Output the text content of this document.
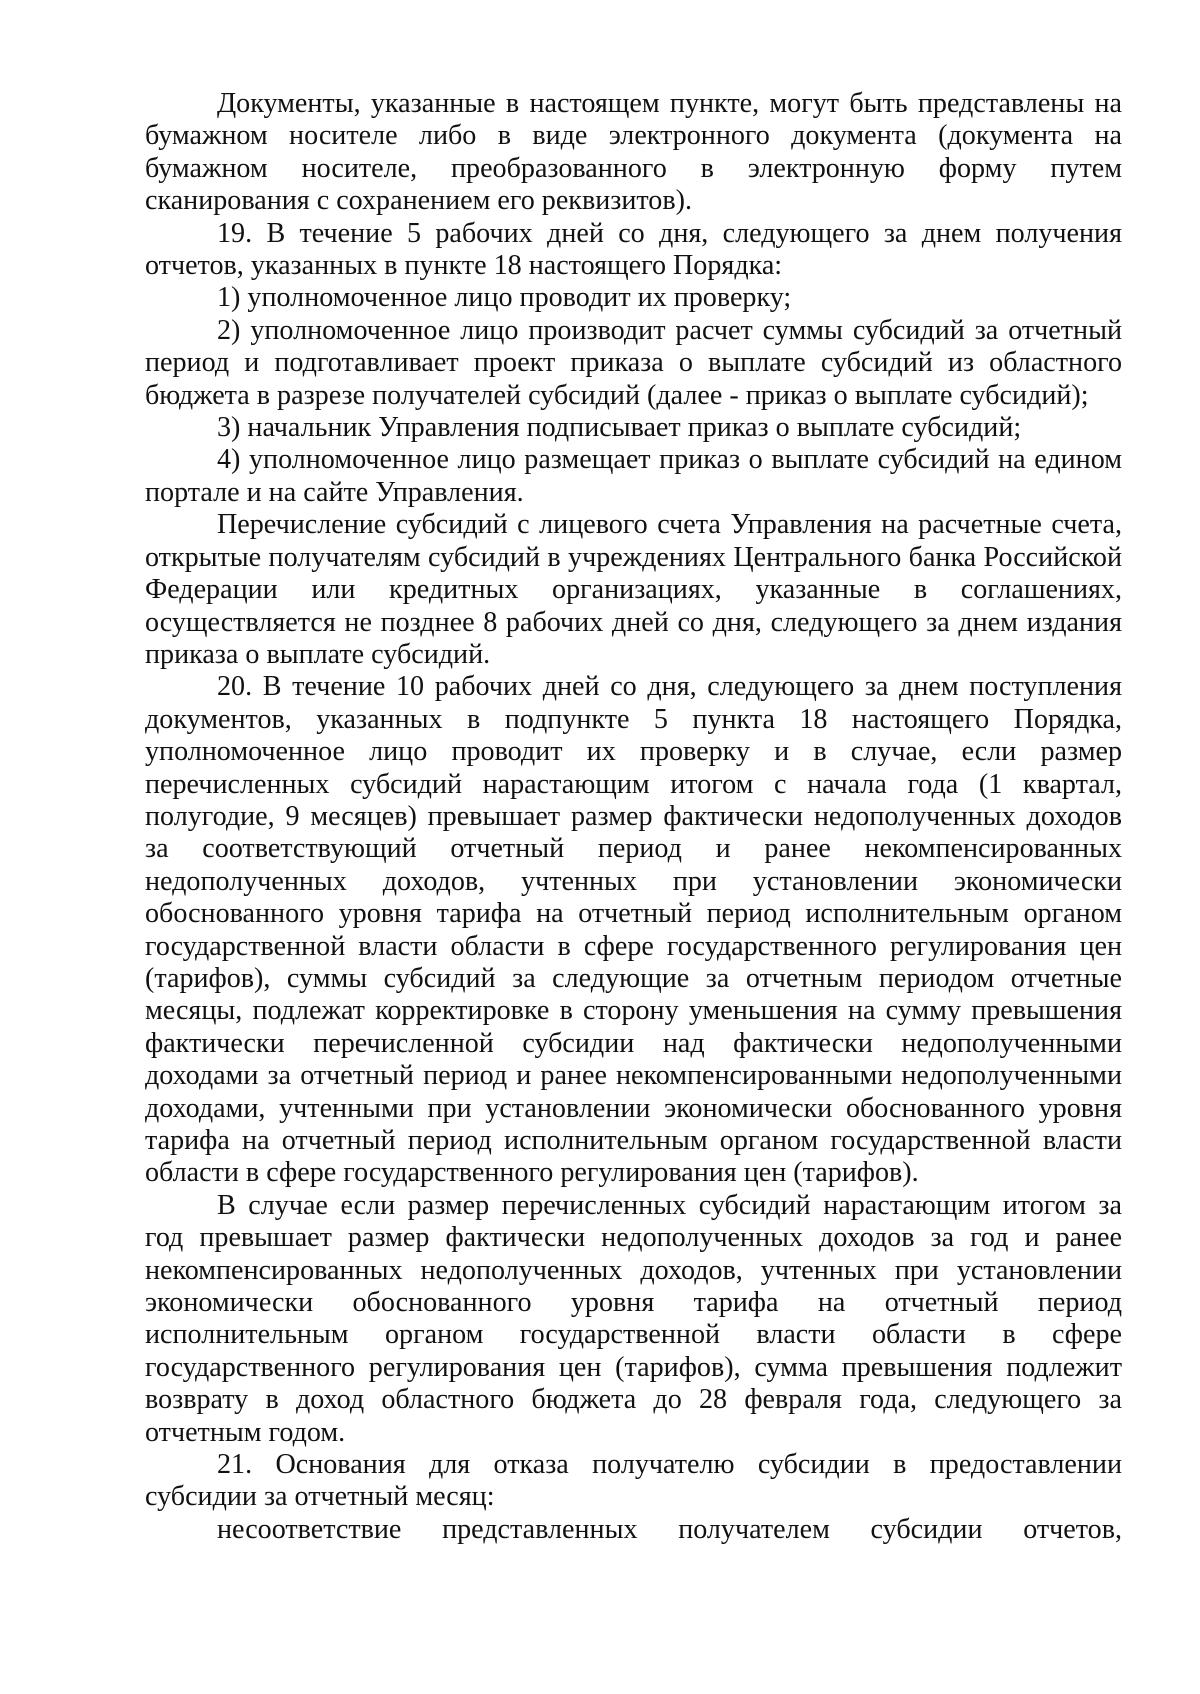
Документы, указанные в настоящем пункте, могут быть представлены на бумажном носителе либо в виде электронного документа (документа на бумажном носителе, преобразованного в электронную форму путем сканирования с сохранением его реквизитов).

19. В течение 5 рабочих дней со дня, следующего за днем получения отчетов, указанных в пункте 18 настоящего Порядка:

1) уполномоченное лицо проводит их проверку;

2) уполномоченное лицо производит расчет суммы субсидий за отчетный период и подготавливает проект приказа о выплате субсидий из областного бюджета в разрезе получателей субсидий (далее - приказ о выплате субсидий);

3) начальник Управления подписывает приказ о выплате субсидий;

4) уполномоченное лицо размещает приказ о выплате субсидий на едином портале и на сайте Управления.

Перечисление субсидий с лицевого счета Управления на расчетные счета, открытые получателям субсидий в учреждениях Центрального банка Российской Федерации или кредитных организациях, указанные в соглашениях, осуществляется не позднее 8 рабочих дней со дня, следующего за днем издания приказа о выплате субсидий.

20. В течение 10 рабочих дней со дня, следующего за днем поступления документов, указанных в подпункте 5 пункта 18 настоящего Порядка, уполномоченное лицо проводит их проверку и в случае, если размер перечисленных субсидий нарастающим итогом с начала года (1 квартал, полугодие, 9 месяцев) превышает размер фактически недополученных доходов за соответствующий отчетный период и ранее некомпенсированных недополученных доходов, учтенных при установлении экономически обоснованного уровня тарифа на отчетный период исполнительным органом государственной власти области в сфере государственного регулирования цен (тарифов), суммы субсидий за следующие за отчетным периодом отчетные месяцы, подлежат корректировке в сторону уменьшения на сумму превышения фактически перечисленной субсидии над фактически недополученными доходами за отчетный период и ранее некомпенсированными недополученными доходами, учтенными при установлении экономически обоснованного уровня тарифа на отчетный период исполнительным органом государственной власти области в сфере государственного регулирования цен (тарифов).

В случае если размер перечисленных субсидий нарастающим итогом за год превышает размер фактически недополученных доходов за год и ранее некомпенсированных недополученных доходов, учтенных при установлении экономически обоснованного уровня тарифа на отчетный период исполнительным органом государственной власти области в сфере государственного регулирования цен (тарифов), сумма превышения подлежит возврату в доход областного бюджета до 28 февраля года, следующего за отчетным годом.

21. Основания для отказа получателю субсидии в предоставлении субсидии за отчетный месяц:

несоответствие представленных получателем субсидии отчетов,
